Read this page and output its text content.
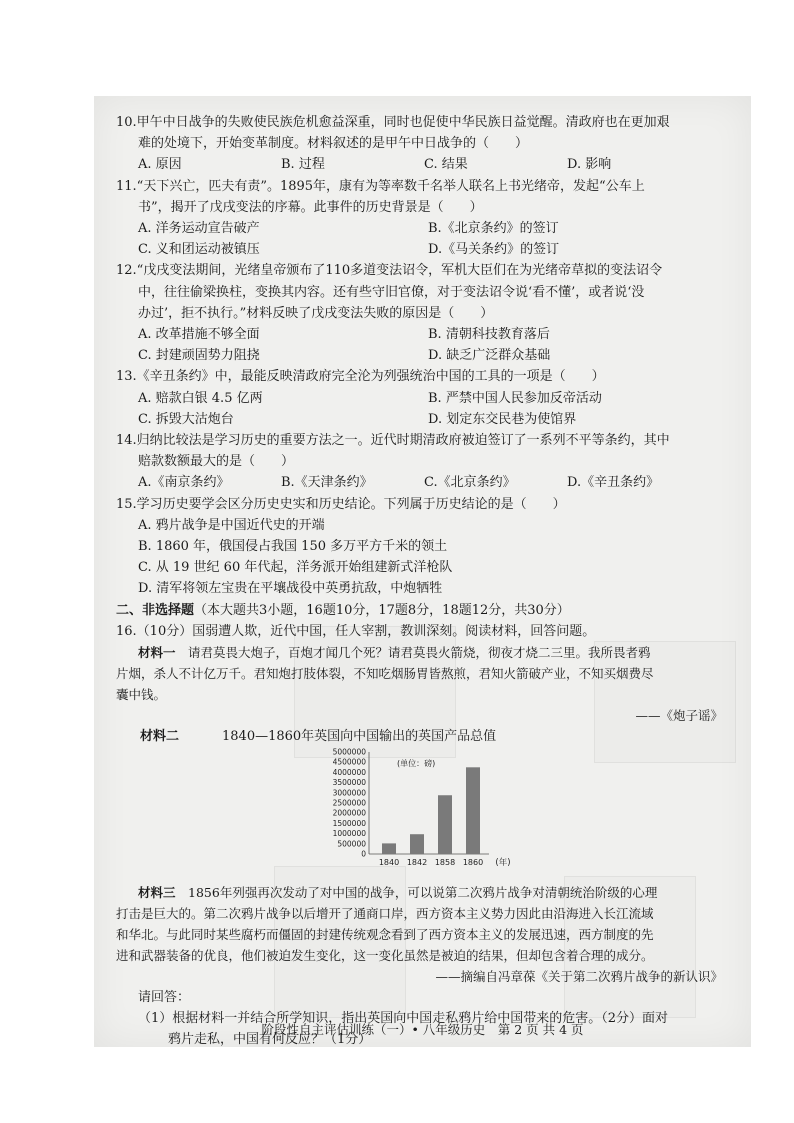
10.甲午中日战争的失败使民族危机愈益深重，同时也促使中华民族日益觉醒。清政府也在更加艰
难的处境下，开始变革制度。材料叙述的是甲午中日战争的（　　）
A. 原因	B. 过程	C. 结果	D. 影响
11.“天下兴亡，匹夫有责”。1895年，康有为等率数千名举人联名上书光绪帝，发起“公车上
书”，揭开了戊戌变法的序幕。此事件的历史背景是（　　）
A. 洋务运动宣告破产	B.《北京条约》的签订
C. 义和团运动被镇压	D.《马关条约》的签订
12.“戊戌变法期间，光绪皇帝颁布了110多道变法诏令，军机大臣们在为光绪帝草拟的变法诏令
中，往往偷梁换柱，变换其内容。还有些守旧官僚，对于变法诏令说‘看不懂’，或者说‘没
办过’，拒不执行。”材料反映了戊戌变法失败的原因是（　　）
A. 改革措施不够全面	B. 清朝科技教育落后
C. 封建顽固势力阻挠	D. 缺乏广泛群众基础
13.《辛丑条约》中，最能反映清政府完全沦为列强统治中国的工具的一项是（　　）
A. 赔款白银 4.5 亿两	B. 严禁中国人民参加反帝活动
C. 拆毁大沽炮台	D. 划定东交民巷为使馆界
14.归纳比较法是学习历史的重要方法之一。近代时期清政府被迫签订了一系列不平等条约，其中
赔款数额最大的是（　　）
A.《南京条约》	B.《天津条约》	C.《北京条约》	D.《辛丑条约》
15.学习历史要学会区分历史史实和历史结论。下列属于历史结论的是（　　）
A. 鸦片战争是中国近代史的开端
B. 1860 年，俄国侵占我国 150 多万平方千米的领土
C. 从 19 世纪 60 年代起，洋务派开始组建新式洋枪队
D. 清军将领左宝贵在平壤战役中英勇抗敌，中炮牺牲
二、非选择题（本大题共3小题，16题10分，17题8分，18题12分，共30分）
16.（10分）国弱遭人欺，近代中国，任人宰割，教训深刻。阅读材料，回答问题。
材料一　请君莫畏大炮子，百炮才闻几个死？请君莫畏火箭烧，彻夜才烧二三里。我所畏者鸦
片烟，杀人不计亿万千。君知炮打肢体裂，不知吃烟肠胃皆熬煎，君知火箭破产业，不知买烟费尽
囊中钱。
——《炮子谣》
材料二	1840—1860年英国向中国输出的英国产品总值
5000000
4500000
4000000
3500000
3000000
2500000
2000000
1500000
1000000
500000
0
(单位：磅)
1840 1842 1858 1860 (年)
材料三　1856年列强再次发动了对中国的战争，可以说第二次鸦片战争对清朝统治阶级的心理
打击是巨大的。第二次鸦片战争以后增开了通商口岸，西方资本主义势力因此由沿海进入长江流域
和华北。与此同时某些腐朽而僵固的封建传统观念看到了西方资本主义的发展迅速，西方制度的先
进和武器装备的优良，他们被迫发生变化，这一变化虽然是被迫的结果，但却包含着合理的成分。
——摘编自冯章葆《关于第二次鸦片战争的新认识》
请回答：
（1）根据材料一并结合所学知识，指出英国向中国走私鸦片给中国带来的危害。（2分）面对
鸦片走私，中国有何反应？（1分）
阶段性自主评估训练（一）• 八年级历史　第 2 页 共 4 页
